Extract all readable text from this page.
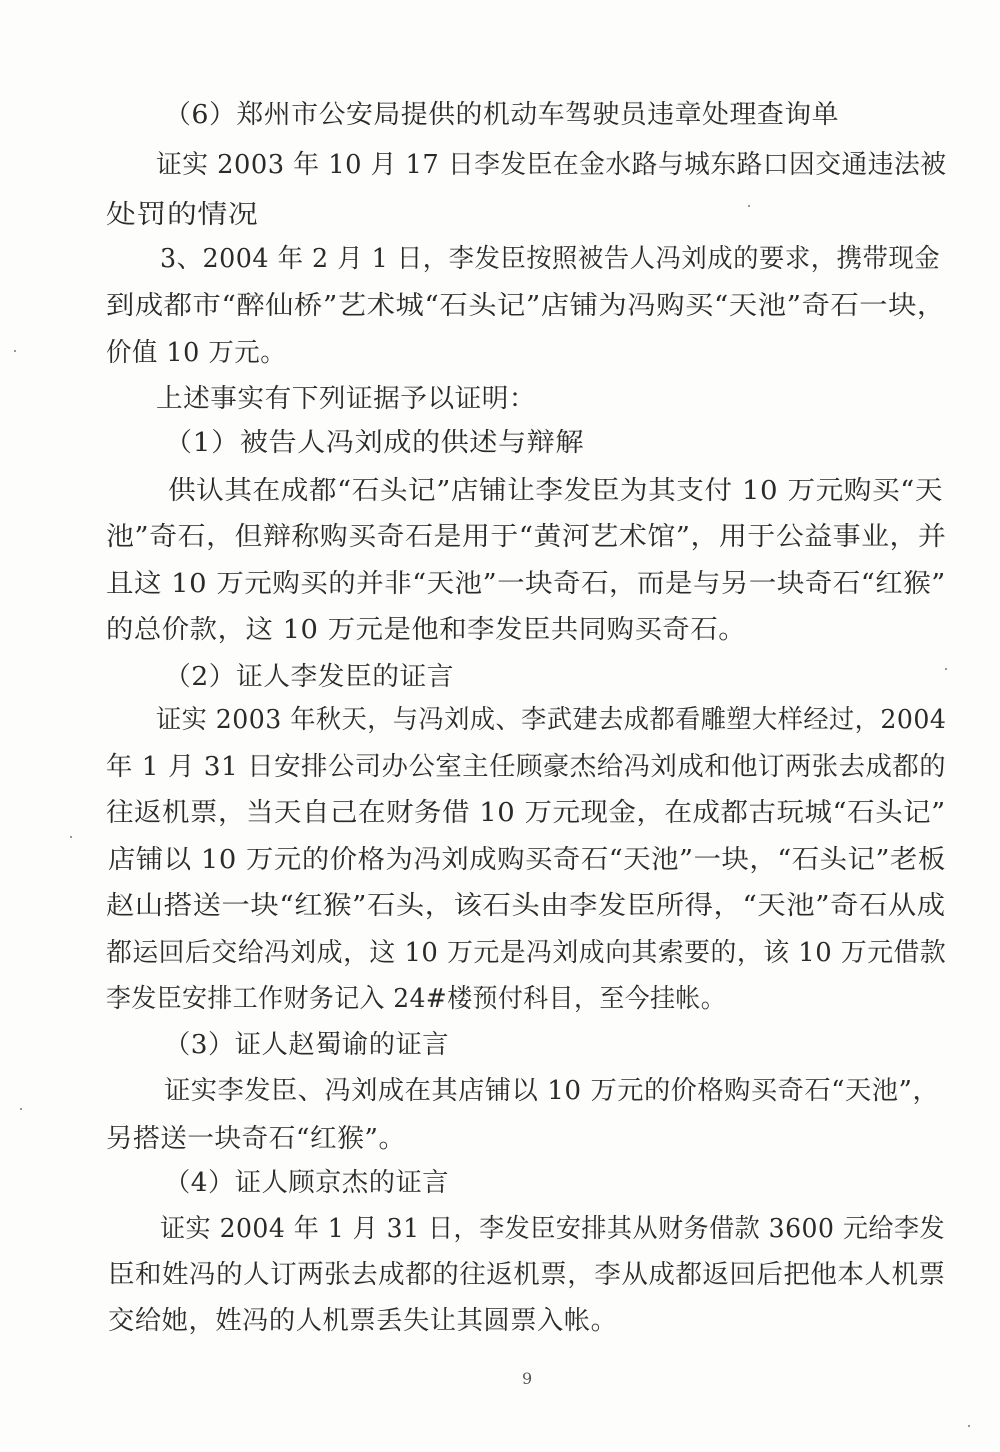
（6）郑州市公安局提供的机动车驾驶员违章处理查询单
证实 2003 年 10 月 17 日李发臣在金水路与城东路口因交通违法被
处罚的情况
3、2004 年 2 月 1 日，李发臣按照被告人冯刘成的要求，携带现金
到成都市“醉仙桥”艺术城“石头记”店铺为冯购买“天池”奇石一块，
价值 10 万元。
上述事实有下列证据予以证明：
（1）被告人冯刘成的供述与辩解
供认其在成都“石头记”店铺让李发臣为其支付 10 万元购买“天
池”奇石，但辩称购买奇石是用于“黄河艺术馆”，用于公益事业，并
且这 10 万元购买的并非“天池”一块奇石，而是与另一块奇石“红猴”
的总价款，这 10 万元是他和李发臣共同购买奇石。
（2）证人李发臣的证言
证实 2003 年秋天，与冯刘成、李武建去成都看雕塑大样经过，2004
年 1 月 31 日安排公司办公室主任顾豪杰给冯刘成和他订两张去成都的
往返机票，当天自己在财务借 10 万元现金，在成都古玩城“石头记”
店铺以 10 万元的价格为冯刘成购买奇石“天池”一块，“石头记”老板
赵山搭送一块“红猴”石头，该石头由李发臣所得，“天池”奇石从成
都运回后交给冯刘成，这 10 万元是冯刘成向其索要的，该 10 万元借款
李发臣安排工作财务记入 24#楼预付科目，至今挂帐。
（3）证人赵蜀谕的证言
证实李发臣、冯刘成在其店铺以 10 万元的价格购买奇石“天池”，
另搭送一块奇石“红猴”。
（4）证人顾京杰的证言
证实 2004 年 1 月 31 日，李发臣安排其从财务借款 3600 元给李发
臣和姓冯的人订两张去成都的往返机票，李从成都返回后把他本人机票
交给她，姓冯的人机票丢失让其圆票入帐。
9
